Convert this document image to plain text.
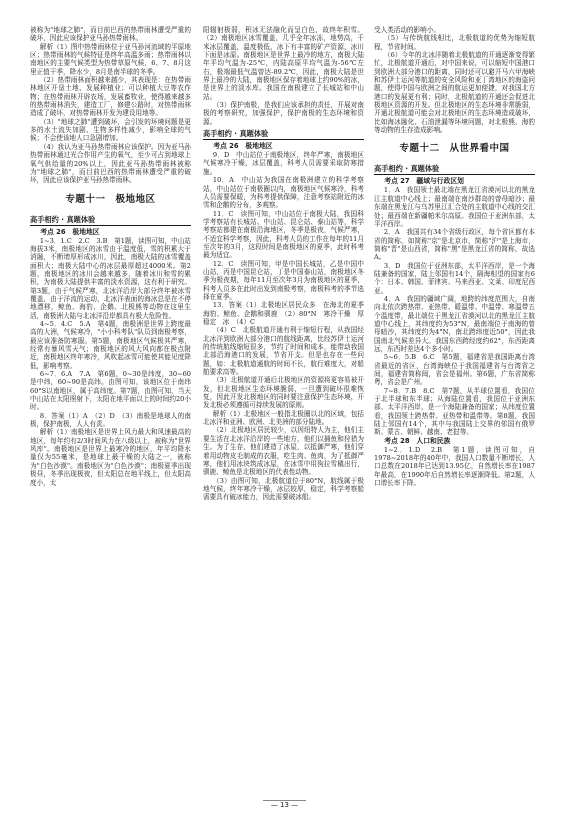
被称为"地球之肺"，而目前巴西的热带雨林遭受严重的破坏，因此应该保护亚马孙热带雨林。

解析（1）图中热带雨林位于亚马孙河流域的平原地区；热带雨林的气候特征是终年高温多雨；热带雨林以南地区的主要气候类型为热带草原气候，6、7、8月这里正值干季，降水少，8月是南半球的冬季。

（2）热带雨林面积越来越少，其表现是：在热带雨林地区开垦土地、发展种植业；可以种植大豆等农作物；在热带雨林开辟农场，发展畜牧业，使得越来越多的热带雨林消失，建造工厂，修建公路时，对热带雨林造成了破坏，对热带雨林开发为建设用地等。

（3）"地球之肺"遭到破坏，会引发的环境问题是更多的水土流失加剧、生物多样性减少，影响全球的气候；不会使该地人口急剧增加。

（4）我认为亚马孙热带雨林应该保护。因为亚马孙热带雨林通过光合作用产生的氧气，至少可占到地球上氧气供给量的20%以上，因此亚马孙热带雨林被称为"地球之肺"，而目前巴西的热带雨林遭受严重的破坏，因此应该保护亚马孙热带雨林。

专题十一　极地地区
高手相约 · 真题体验
考点 26　极地地区

1~3．1.C　2.C　3.B　第1题，读图可知，中山站海拔3米，南极地区的冰雪由于温度低，雪的积累大于消融，不断增厚形成冰川，因此，南极大陆的冰雪覆盖面积大；南极大陆中心的冰层最厚超过4000米。第2题，南极地区的冰川会越来越多，随着冰川和雪的累积，为南极大陆提供丰富的淡水资源，这有利于研究。第3题，由于气候严寒，北冰洋沿岸大部分终年被冰雪覆盖，由于洋流的运动，北冰洋表面的海冰总是在不停地漂移，鲸鱼、海豹、企鹅、北极熊等动物在这里生活，南极洲大陆与北冰洋沿岸都具有极大危险性。

4~5．4.C　5.A　第4题，南极洲是世界上跨度最高的大洲，气候寒冷，"小小科考队"队员到南极考察，最应该准备防寒服。第5题，南极地区气候极其严寒，经常有暴风雪天气；南极地区的风大风向都在极点附近，南极地区终年寒冷，风吹起冰雪可能使其能见度降低，影响考察。

6~7．6.A　7.A　第6题，0~30是纬度，30~60是中纬，60~90是高纬。由图可知，该地区位于南纬60°S以南地区，属于高纬度。第7题，由图可知，当天中山站在太阳照射下，太阳在地平面以上的时间约20小时。

8．答案（1）A　（2）D　（3）南极是地球人的南极，保护南极，人人有责。

解析（1）南极地区是世界上风力最大和风速最高的地区，每年约有2/3时间风力在八级以上，被称为"世界风库"。南极地区是世界上最寒冷的地区，年平均降水量仅为55毫米，是地球上最干燥的大陆之一，被称为"白色沙漠"。南极地区为"白色沙漠"；南极夏季出现极昼，冬季出现极夜，但太阳总在地平线上，但太阳高度小，太

阳辐射极弱，积冰无法融化而呈白色，故终年积雪。（2）南极地区冰雪覆盖，几乎全年冰冻，地势高，千米冰层覆盖，温度极低，冰下有丰富的矿产资源，冰川下面是冰原。南极地区是世界上最冷的地方，南极大陆年平均气温为-25℃，内陆高原平均气温为-56℃左右，极端最低气温曾达-89.2℃，因此，南极大陆是世界上最冷的大陆，南极地区保存着地球上约90%的冰，是世界上的淡水库。我国在南极建立了长城站和中山站。

（3）保护南极，是我们应该承担的责任，开展对南极的考察研究，加强保护，保护南极的生态环境和资源。

高手相约 · 真题体验
考点 26　极地地区

9．D　中山站位于南极地区，终年严寒，南极地区气候寒冷干燥，冰层覆盖，科考人员需要采取防寒措施。

10．A　中山站为我国在南极洲建立的科学考察站，中山站位于南极圈以内，南极地区气候寒冷，科考人员需要保暖，为科考提供保障，注意考察站附近的冰雪和企鹅的分布，多观察。

11．C　读图可知，中山站位于南极大陆，我国科学考察站有长城站、中山站、昆仑站、泰山站等，科学考察站都建在南极沿海地区，冬季是极夜，气候严寒，不适宜科学考察，因此，科考人员的工作在每年的11月至次年的3月，这段时间是南极地区的夏季，此时科考最为适宜。

12．C　读图可知，甲是中国长城站，乙是中国中山站，丙是中国昆仑站，丁是中国泰山站，南极地区冬季为极夜期，每年11月至次年3月为南极地区的夏季，科考人员多在此时出发到南极考察，南极科考的季节选择在夏季。

13．答案（1）北极地区居民众多　在海北的夏季　海豹、鲸鱼、企鹅和驯鹿　（2）80°N　寒冷干燥　厚　稳定　冰　（4）C

（4）C　北极航道开通有利于缩短行程，从我国经北冰洋到欧洲大部分港口的航线距离，比经苏伊士运河的传统航线缩短很多，节约了时间和成本，能带动我国北部沿海港口的发展，节省开支。但是也存在一些问题，如：北极航道通航的时间不长，航行难度大，对船舶要求高等。

（3）北极航道开通后北极地区的资源将更容易被开发，但北极地区生态环境脆弱，一旦遭到破坏很难恢复，因此开发北极地区的同时要注意保护生态环境，开发北极必须遵循可持续发展的原则。

解析（1）北极地区一般指北极圈以北的区域，包括北冰洋和亚洲、欧洲、北美洲的部分陆地。

（2）北极地区居民较少，以因纽特人为主，他们主要生活在北冰洋沿岸的一些地方，他们以捕鱼和狩猎为生。为了生存，他们建造了冰屋，以抵御严寒，他们穿着用动物皮毛制成的衣服，吃生肉、鱼肉，为了抵御严寒，他们用冰块筑成冰屋，在冰雪中用狗拉雪橇出行，驯鹿、鲸鱼是北极地区的代表性动物。

（3）由图可知，北极航道位于80°N，航线属于极地气候，终年寒冷干燥，冰层较厚，稳定，科学考察船需要具有破冰能力，因此需要破冰船。

受人类活动的影响小。

（5）与传统航线相比，北极航道的优势为缩短航程，节省时间。

（6）今年的北冰洋随着北极航道的开通逐渐变得繁忙，北极航道开通后，对中国来说，可以缩短中国港口到欧洲大部分港口的距离，同时还可以避开马六甲海峡和苏伊士运河等航道的安全风险和亚丁湾地区的海盗问题，使得中国与欧洲之间的航运更加便捷，对我国北方港口的发展更有利；同时，北极航道的开通还会促进北极地区资源的开发。但北极地区的生态环境非常脆弱，开通北极航道可能会对北极地区的生态环境造成破坏，比如海冰融化、石油泄漏等环境问题，对北极熊、海豹等动物的生存造成影响。

专题十二　从世界看中国
高手相约 · 真题体验
考点 27　疆域与行政区划

1．A　我国领土最北端在黑龙江省漠河以北的黑龙江主航道中心线上；最南端在南沙群岛的曾母暗沙；最东端在黑龙江与乌苏里江汇合处的主航道中心线的交汇处；最西端在新疆帕米尔高原。我国位于亚洲东部，太平洋西岸。

2．A　我国共有34个省级行政区，每个省区都有本省的简称，如简称"京"是北京市，简称"沪"是上海市，简称"晋"是山西省，简称"黑"是黑龙江省的简称，故选A。

3．D　我国位于亚洲东部，太平洋西岸，是一个海陆兼备的国家，陆上邻国有14个，隔海相望的国家有6个：日本、韩国、菲律宾、马来西亚、文莱、印度尼西亚。

4．A　我国的疆域广阔，地跨的纬度范围大，自南向北依次跨热带、亚热带、暖温带、中温带、寒温带五个温度带，最北端位于黑龙江省漠河以北的黑龙江主航道中心线上，其纬度约为53°N，最南端位于南海的曾母暗沙，其纬度约为4°N，南北跨纬度近50°，因此我国南北气候差异大。我国东西跨经度约62°，东西距离远，东西时差达4个多小时。

5~6．5.B　6.C　第5题，福建省是我国距离台湾省最近的省区，台湾海峡位于我国福建省与台湾省之间，福建省简称闽，省会是福州。第6题，广东省简称粤，省会是广州。

7~8．7.B　8.C　第7题，从半球位置看，我国位于北半球和东半球；从海陆位置看，我国位于亚洲东部、太平洋西岸，是一个海陆兼备的国家；从纬度位置看，我国领土跨热带、亚热带和温带等。第8题，我国陆上邻国有14个，其中与我国陆上交界的邻国有俄罗斯、蒙古、朝鲜、越南、老挝等。

考点 28　人口和民族

1~2．1.D　2.B　第1题，读图可知，自1978~2018年的40年中，我国人口数量不断增长，人口总数在2018年已达到13.95亿，自然增长率在1987年最高，在1990年后自然增长率逐渐降低。第2题，人口增长率下降。

— 13 —
